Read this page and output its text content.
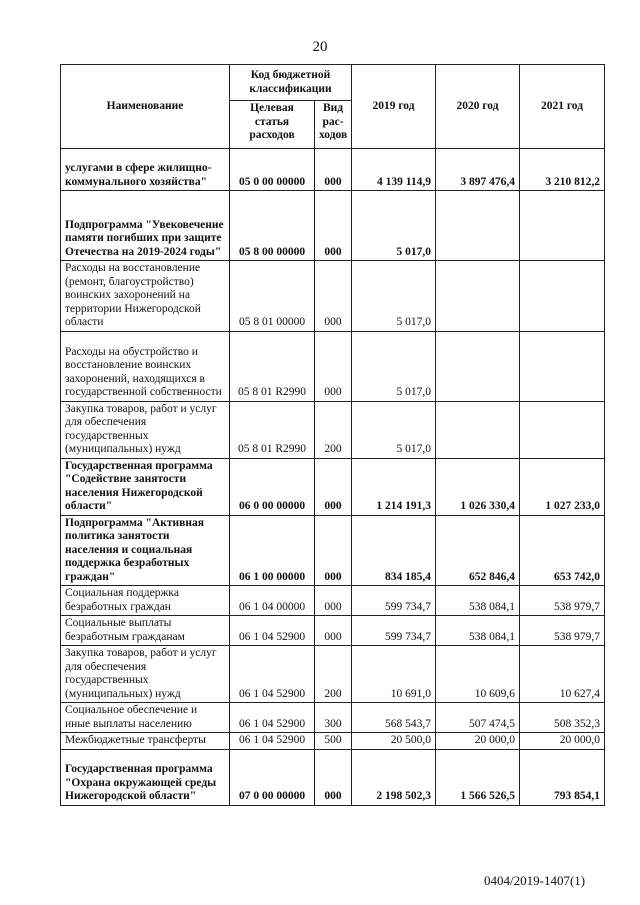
20
Наименование	Код бюджетной классификации		2019 год	2020 год	2021 год
	Целевая статья расходов	Вид рас-ходов			
услугами в сфере жилищно-коммунального хозяйства"	05 0 00 00000	000	4 139 114,9	3 897 476,4	3 210 812,2
Подпрограмма "Увековечение памяти погибших при защите Отечества на 2019-2024 годы"	05 8 00 00000	000	5 017,0		
Расходы на восстановление (ремонт, благоустройство) воинских захоронений на территории Нижегородской области	05 8 01 00000	000	5 017,0		
Расходы на обустройство и восстановление воинских захоронений, находящихся в государственной собственности	05 8 01 R2990	000	5 017,0		
Закупка товаров, работ и услуг для обеспечения государственных (муниципальных) нужд	05 8 01 R2990	200	5 017,0		
Государственная программа "Содействие занятости населения Нижегородской области"	06 0 00 00000	000	1 214 191,3	1 026 330,4	1 027 233,0
Подпрограмма "Активная политика занятости населения и социальная поддержка безработных граждан"	06 1 00 00000	000	834 185,4	652 846,4	653 742,0
Социальная поддержка безработных граждан	06 1 04 00000	000	599 734,7	538 084,1	538 979,7
Социальные выплаты безработным гражданам	06 1 04 52900	000	599 734,7	538 084,1	538 979,7
Закупка товаров, работ и услуг для обеспечения государственных (муниципальных) нужд	06 1 04 52900	200	10 691,0	10 609,6	10 627,4
Социальное обеспечение и иные выплаты населению	06 1 04 52900	300	568 543,7	507 474,5	508 352,3
Межбюджетные трансферты	06 1 04 52900	500	20 500,0	20 000,0	20 000,0
Государственная программа "Охрана окружающей среды Нижегородской области"	07 0 00 00000	000	2 198 502,3	1 566 526,5	793 854,1
0404/2019-1407(1)
